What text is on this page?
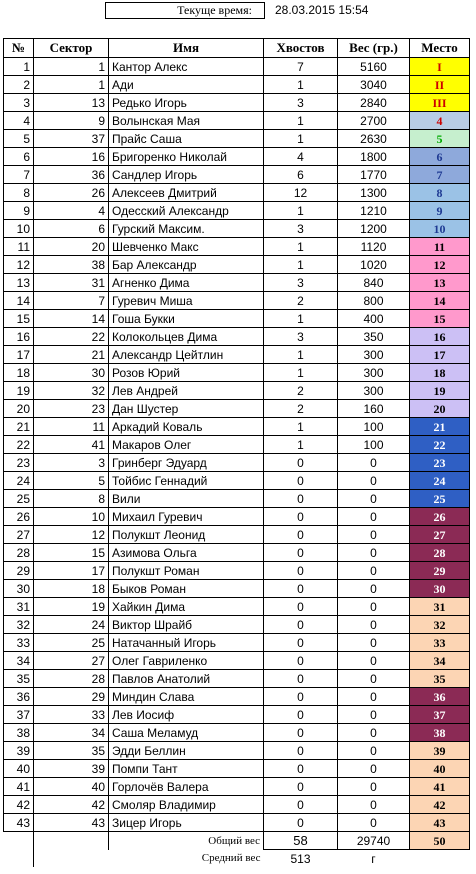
Текуще время:	28.03.2015 15:54
№	Сектор	Имя	Хвостов	Вес (гр.)	Место
1	1	Кантор Алекс	7	5160	I
2	1	Ади	1	3040	II
3	13	Редько Игорь	3	2840	III
4	9	Волынская Мая	1	2700	4
5	37	Прайс Саша	1	2630	5
6	16	Бригоренко Николай	4	1800	6
7	36	Сандлер Игорь	6	1770	7
8	26	Алексеев Дмитрий	12	1300	8
9	4	Одесский Александр	1	1210	9
10	6	Гурский Максим.	3	1200	10
11	20	Шевченко Макс	1	1120	11
12	38	Бар Александр	1	1020	12
13	31	Агненко Дима	3	840	13
14	7	Гуревич Миша	2	800	14
15	14	Гоша Букки	1	400	15
16	22	Колокольцев Дима	3	350	16
17	21	Александр Цейтлин	1	300	17
18	30	Розов Юрий	1	300	18
19	32	Лев Андрей	2	300	19
20	23	Дан Шустер	2	160	20
21	11	Аркадий Коваль	1	100	21
22	41	Макаров Олег	1	100	22
23	3	Гринберг Эдуард	0	0	23
24	5	Тойбис Геннадий	0	0	24
25	8	Вили	0	0	25
26	10	Михаил Гуревич	0	0	26
27	12	Полукшт Леонид	0	0	27
28	15	Азимова Ольга	0	0	28
29	17	Полукшт Роман	0	0	29
30	18	Быков Роман	0	0	30
31	19	Хайкин Дима	0	0	31
32	24	Виктор Шрайб	0	0	32
33	25	Натачанный Игорь	0	0	33
34	27	Олег Гавриленко	0	0	34
35	28	Павлов Анатолий	0	0	35
36	29	Миндин Слава	0	0	36
37	33	Лев Иосиф	0	0	37
38	34	Саша Меламуд	0	0	38
39	35	Эдди Беллин	0	0	39
40	39	Помпи Тант	0	0	40
41	40	Горлочёв Валера	0	0	41
42	42	Смоляр Владимир	0	0	42
43	43	Зицер Игорь	0	0	43
		Общий вес	58	29740	50
		Средний вес	513	г	
